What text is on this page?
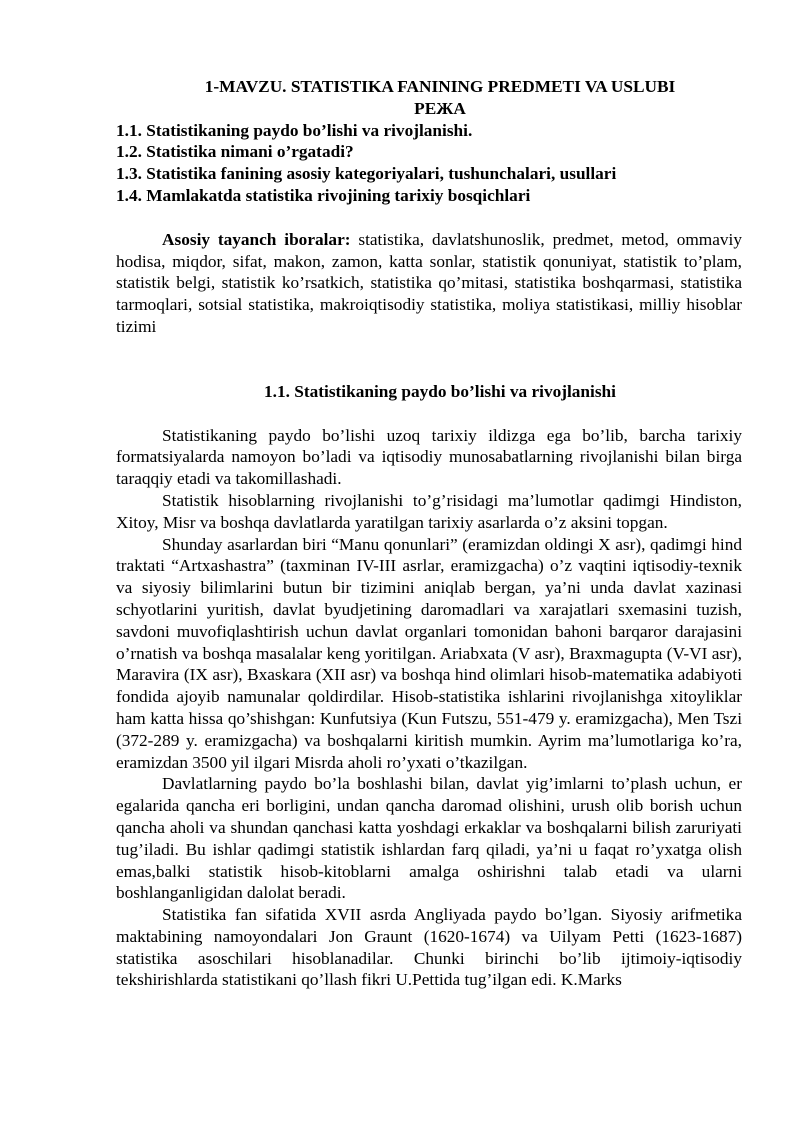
1-MAVZU. STATISTIKA FANINING PREDMETI VA USLUBI

РЕЖА

1.1. Statistikaning paydo bo’lishi va rivojlanishi.
1.2. Statistika nimani o’rgatadi?
1.3. Statistika fanining asosiy kategoriyalari, tushunchalari, usullari
1.4. Mamlakatda statistika rivojining tarixiy bosqichlari

Asosiy tayanch iboralar: statistika, davlatshunoslik, predmet, metod, ommaviy hodisa, miqdor, sifat, makon, zamon, katta sonlar, statistik qonuniyat, statistik to’plam, statistik belgi, statistik ko’rsatkich, statistika qo’mitasi, statistika boshqarmasi, statistika tarmoqlari, sotsial statistika, makroiqtisodiy statistika, moliya statistikasi, milliy hisoblar tizimi

1.1. Statistikaning paydo bo’lishi va rivojlanishi

Statistikaning paydo bo’lishi uzoq tarixiy ildizga ega bo’lib, barcha tarixiy formatsiyalarda namoyon bo’ladi va iqtisodiy munosabatlarning rivojlanishi bilan birga taraqqiy etadi va takomillashadi.

Statistik hisoblarning rivojlanishi to’g’risidagi ma’lumotlar qadimgi Hindiston, Xitoy, Misr va boshqa davlatlarda yaratilgan tarixiy asarlarda o’z aksini topgan.

Shunday asarlardan biri “Manu qonunlari” (eramizdan oldingi X asr), qadimgi hind traktati “Artxashastra” (taxminan IV-III asrlar, eramizgacha) o’z vaqtini iqtisodiy-texnik va siyosiy bilimlarini butun bir tizimini aniqlab bergan, ya’ni unda davlat xazinasi schyotlarini yuritish, davlat byudjetining daromadlari va xarajatlari sxemasini tuzish, savdoni muvofiqlashtirish uchun davlat organlari tomonidan bahoni barqaror darajasini o’rnatish va boshqa masalalar keng yoritilgan. Ariabxata (V asr), Braxmagupta (V-VI asr), Maravira (IX asr), Bxaskara (XII asr) va boshqa hind olimlari hisob-matematika adabiyoti fondida ajoyib namunalar qoldirdilar. Hisob-statistika ishlarini rivojlanishga xitoyliklar ham katta hissa qo’shishgan: Kunfutsiya (Kun Futszu, 551-479 y. eramizgacha), Men Tszi (372-289 y. eramizgacha) va boshqalarni kiritish mumkin. Ayrim ma’lumotlariga ko’ra, eramizdan 3500 yil ilgari Misrda aholi ro’yxati o’tkazilgan.

Davlatlarning paydo bo’la boshlashi bilan, davlat yig’imlarni to’plash uchun, er egalarida qancha eri borligini, undan qancha daromad olishini, urush olib borish uchun qancha aholi va shundan qanchasi katta yoshdagi erkaklar va boshqalarni bilish zaruriyati tug’iladi. Bu ishlar qadimgi statistik ishlardan farq qiladi, ya’ni u faqat ro’yxatga olish emas,balki statistik hisob-kitoblarni amalga oshirishni talab etadi va ularni boshlanganligidan dalolat beradi.

Statistika fan sifatida XVII asrda Angliyada paydo bo’lgan. Siyosiy arifmetika maktabining namoyondalari Jon Graunt (1620-1674) va Uilyam Petti (1623-1687) statistika asoschilari hisoblanadilar. Chunki birinchi bo’lib ijtimoiy-iqtisodiy tekshirishlarda statistikani qo’llash fikri U.Pettida tug’ilgan edi. K.Marks
